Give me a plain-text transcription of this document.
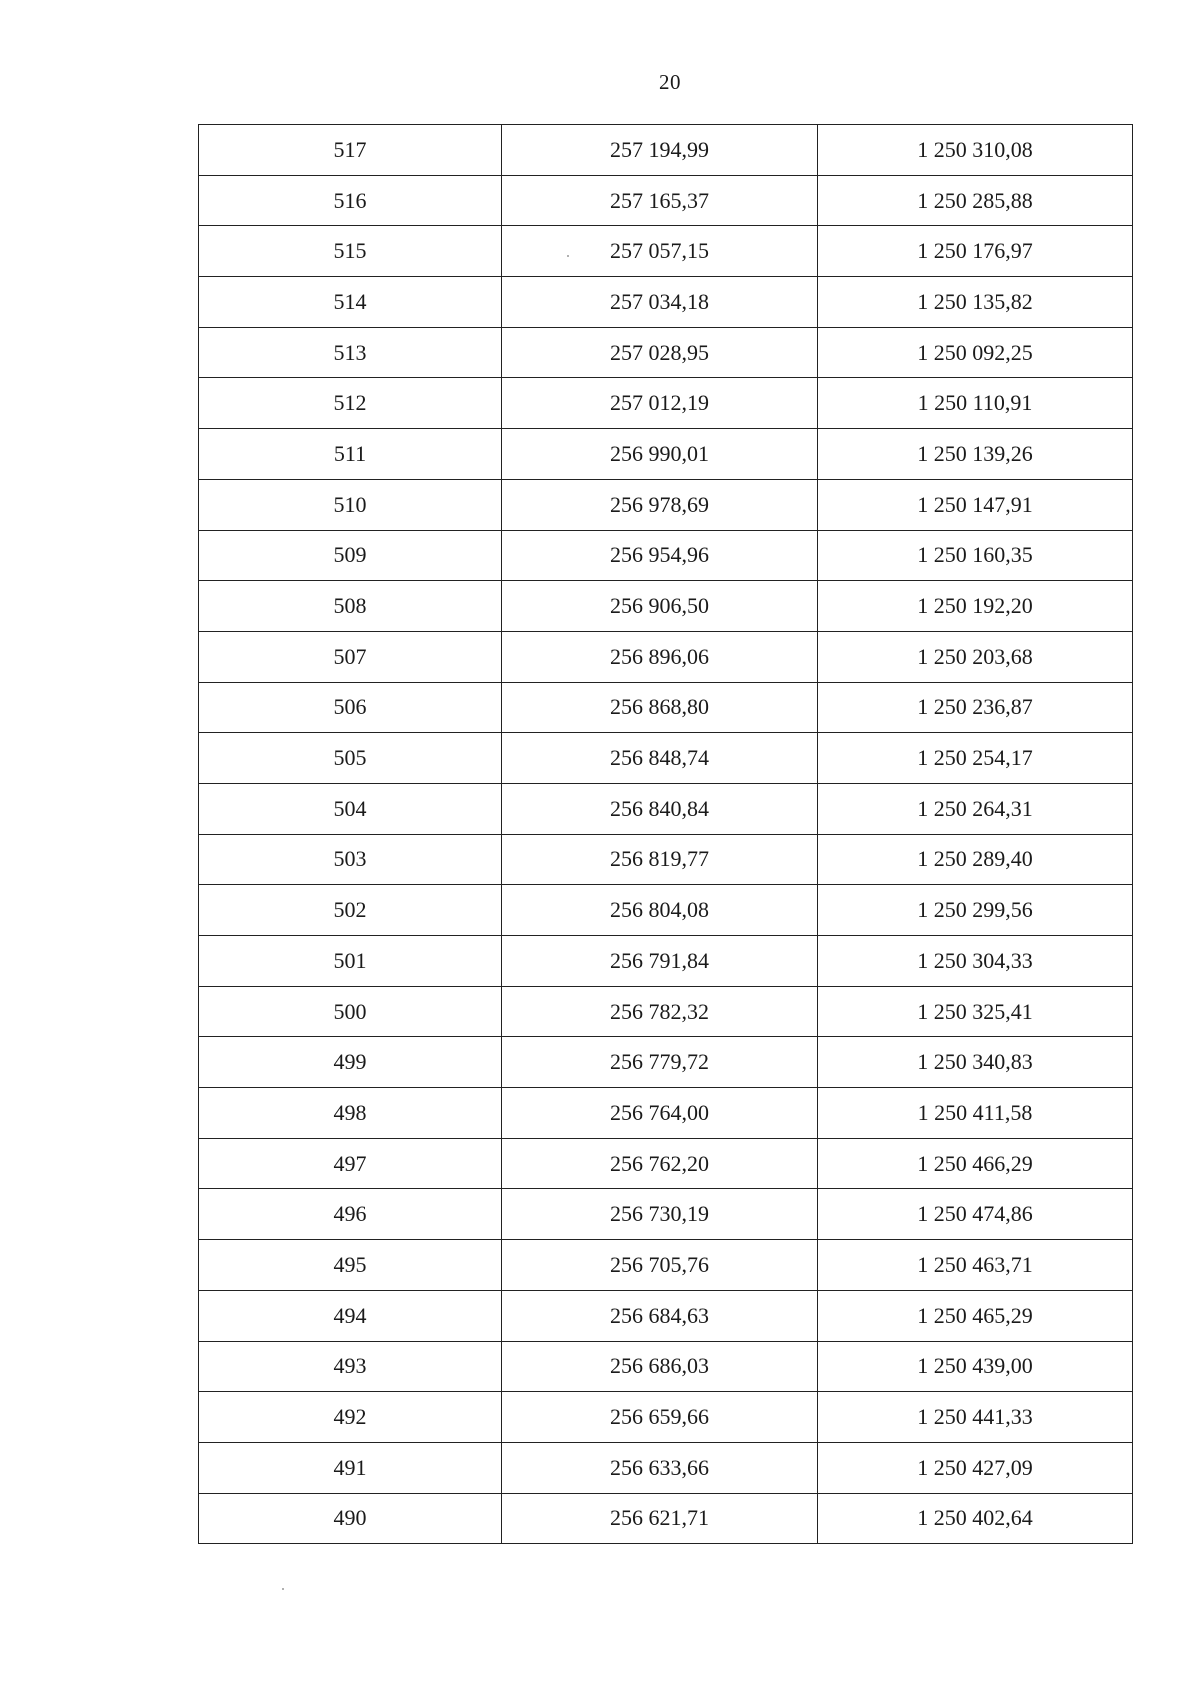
20
517	257 194,99	1 250 310,08
516	257 165,37	1 250 285,88
515	257 057,15	1 250 176,97
514	257 034,18	1 250 135,82
513	257 028,95	1 250 092,25
512	257 012,19	1 250 110,91
511	256 990,01	1 250 139,26
510	256 978,69	1 250 147,91
509	256 954,96	1 250 160,35
508	256 906,50	1 250 192,20
507	256 896,06	1 250 203,68
506	256 868,80	1 250 236,87
505	256 848,74	1 250 254,17
504	256 840,84	1 250 264,31
503	256 819,77	1 250 289,40
502	256 804,08	1 250 299,56
501	256 791,84	1 250 304,33
500	256 782,32	1 250 325,41
499	256 779,72	1 250 340,83
498	256 764,00	1 250 411,58
497	256 762,20	1 250 466,29
496	256 730,19	1 250 474,86
495	256 705,76	1 250 463,71
494	256 684,63	1 250 465,29
493	256 686,03	1 250 439,00
492	256 659,66	1 250 441,33
491	256 633,66	1 250 427,09
490	256 621,71	1 250 402,64
